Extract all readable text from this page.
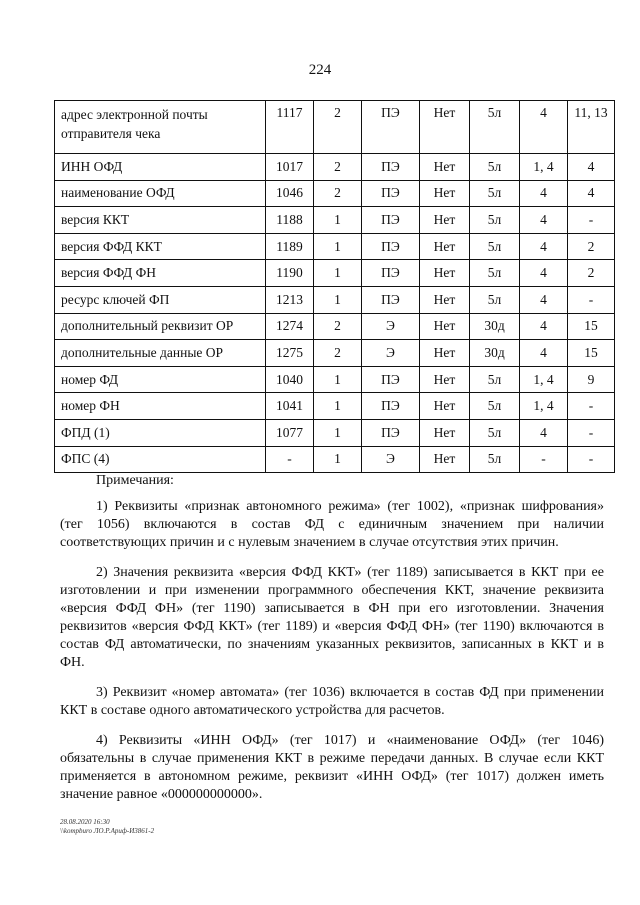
224
адрес электронной почты отправителя чека	1117	2	ПЭ	Нет	5л	4	11, 13
ИНН ОФД	1017	2	ПЭ	Нет	5л	1, 4	4
наименование ОФД	1046	2	ПЭ	Нет	5л	4	4
версия ККТ	1188	1	ПЭ	Нет	5л	4	-
версия ФФД ККТ	1189	1	ПЭ	Нет	5л	4	2
версия ФФД ФН	1190	1	ПЭ	Нет	5л	4	2
ресурс ключей ФП	1213	1	ПЭ	Нет	5л	4	-
дополнительный реквизит ОР	1274	2	Э	Нет	30д	4	15
дополнительные данные ОР	1275	2	Э	Нет	30д	4	15
номер ФД	1040	1	ПЭ	Нет	5л	1, 4	9
номер ФН	1041	1	ПЭ	Нет	5л	1, 4	-
ФПД (1)	1077	1	ПЭ	Нет	5л	4	-
ФПС (4)	-	1	Э	Нет	5л	-	-

Примечания:

1) Реквизиты «признак автономного режима» (тег 1002), «признак шифрования» (тег 1056) включаются в состав ФД с единичным значением при наличии соответствующих причин и с нулевым значением в случае отсутствия этих причин.

2) Значения реквизита «версия ФФД ККТ» (тег 1189) записывается в ККТ при ее изготовлении и при изменении программного обеспечения ККТ, значение реквизита «версия ФФД ФН» (тег 1190) записывается в ФН при его изготовлении. Значения реквизитов «версия ФФД ККТ» (тег 1189) и «версия ФФД ФН» (тег 1190) включаются в состав ФД автоматически, по значениям указанных реквизитов, записанных в ККТ и в ФН.

3) Реквизит «номер автомата» (тег 1036) включается в состав ФД при применении ККТ в составе одного автоматического устройства для расчетов.

4) Реквизиты «ИНН ОФД» (тег 1017) и «наименование ОФД» (тег 1046) обязательны в случае применения ККТ в режиме передачи данных. В случае если ККТ применяется в автономном режиме, реквизит «ИНН ОФД» (тег 1017) должен иметь значение равное «000000000000».

28.08.2020 16:30
\\kompburo ЛО.Р.Ариф-И3861-2
